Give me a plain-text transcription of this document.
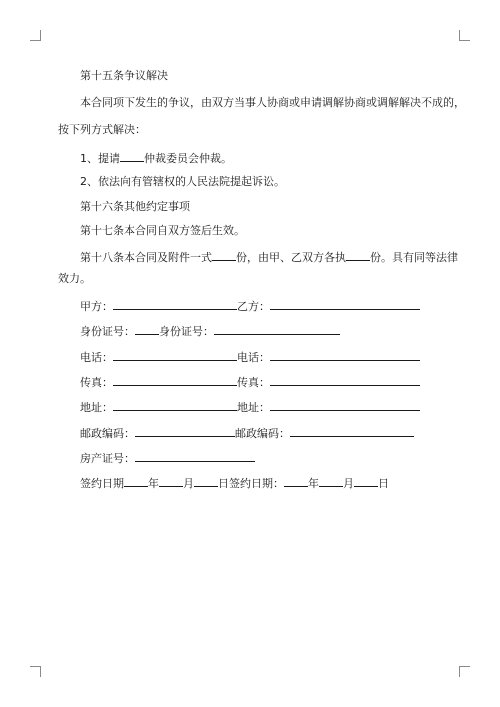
第十五条争议解决
本合同项下发生的争议，由双方当事人协商或申请调解协商或调解解决不成的，
按下列方式解决：
1、提请 仲裁委员会仲裁。
2、依法向有管辖权的人民法院提起诉讼。
第十六条其他约定事项
第十七条本合同自双方签后生效。
第十八条本合同及附件一式 份，由甲、乙双方各执 份。具有同等法律
效力。
甲方：	乙方：
身份证号： 身份证号：
电话：	电话：
传真：	传真：
地址：	地址：
邮政编码：	邮政编码：
房产证号：
签约日期 年 月 日签约日期： 年 月 日
